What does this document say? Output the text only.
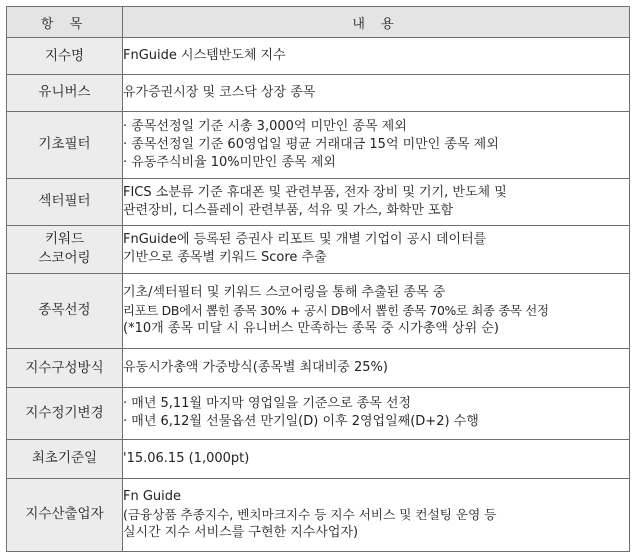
항 목	내 용
지수명	FnGuide 시스템반도체 지수

유니버스	유가증권시장 및 코스닥 상장 종목

기초필터	· 종목선정일 기준 시총 3,000억 미만인 종목 제외
· 종목선정일 기준 60영업일 평균 거래대금 15억 미만인 종목 제외
· 유동주식비율 10%미만인 종목 제외

섹터필터	FICS 소분류 기준 휴대폰 및 관련부품, 전자 장비 및 기기, 반도체 및
관련장비, 디스플레이 관련부품, 석유 및 가스, 화학만 포함

키워드
스코어링	FnGuide에 등록된 증권사 리포트 및 개별 기업이 공시 데이터를
기반으로 종목별 키워드 Score 추출

종목선정	기초/섹터필터 및 키워드 스코어링을 통해 추출된 종목 중
리포트 DB에서 뽑힌 종목 30% + 공시 DB에서 뽑힌 종목 70%로 최종 종목 선정
(*10개 종목 미달 시 유니버스 만족하는 종목 중 시가총액 상위 순)

지수구성방식	유동시가총액 가중방식(종목별 최대비중 25%)

지수정기변경	· 매년 5,11월 마지막 영업일을 기준으로 종목 선정
· 매년 6,12월 선물옵션 만기일(D) 이후 2영업일째(D+2) 수행

최초기준일	'15.06.15 (1,000pt)

지수산출업자	Fn Guide
(금융상품 추종지수, 벤치마크지수 등 지수 서비스 및 컨설팅 운영 등
실시간 지수 서비스를 구현한 지수사업자)
